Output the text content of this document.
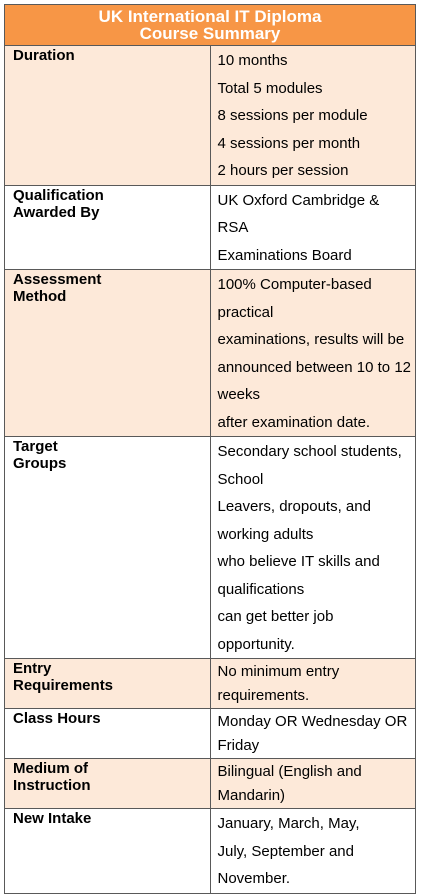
UK International IT Diploma
Course Summary	

Duration	10 months
Total 5 modules
8 sessions per module
4 sessions per month
2 hours per session

Qualification
Awarded By	UK Oxford Cambridge & RSA
Examinations Board

Assessment
Method	100% Computer-based practical
examinations, results will be
announced between 10 to 12 weeks
after examination date.

Target
Groups	Secondary school students, School
Leavers, dropouts, and working adults
who believe IT skills and qualifications
can get better job opportunity.

Entry
Requirements	No minimum entry requirements.

Class Hours	Monday OR Wednesday OR Friday

Medium of
Instruction	Bilingual (English and Mandarin)

New Intake	January, March, May,
July, September and November.
